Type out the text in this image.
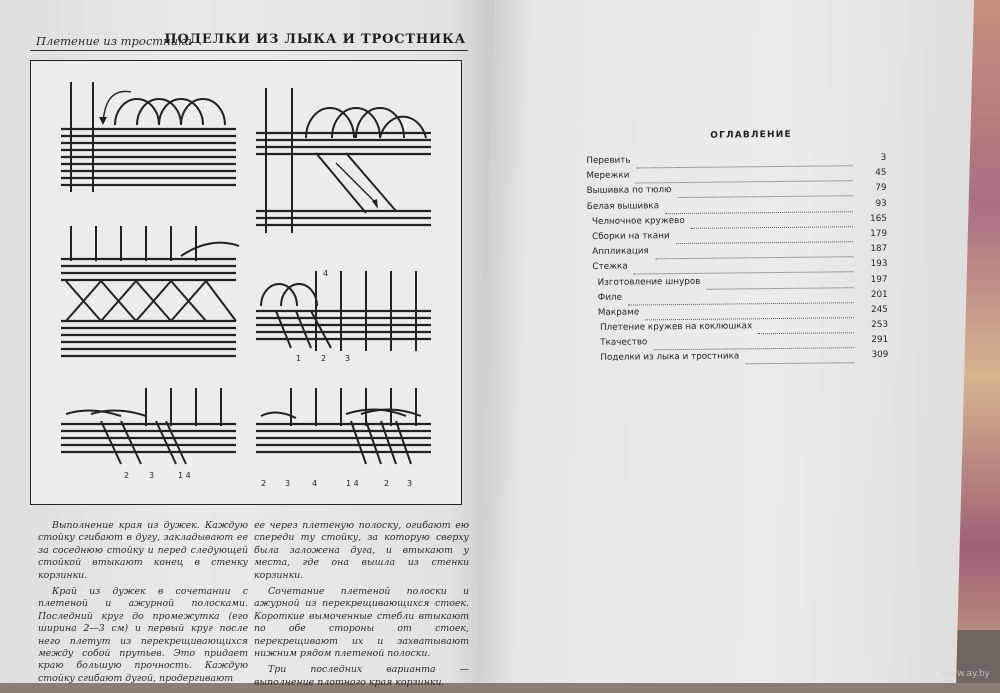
Плетение из тростника
ПОДЕЛКИ ИЗ ЛЫКА И ТРОСТНИКА
4
1 2 3
2 3	1 4
2 3	4	1 4	2 3

Выполнение края из дужек. Каждую стойку сгибают в дугу, закладывают ее за соседнюю стойку и перед следующей стойкой втыкают конец в стенку корзинки.

Край из дужек в сочетании с плетеной и ажурной полосками. Последний круг до промежутка (его ширина 2—3 см) и первый круг после него плетут из перекрещивающихся между собой прутьев. Это придает краю большую прочность. Каждую стойку сгибают дугой, продергивают

ее через плетеную полоску, огибают ею спереди ту стойку, за которую сверху была заложена дуга, и втыкают у места, где она вышла из стенки корзинки.

Сочетание плетеной полоски и ажурной из перекрещивающихся стоек. Короткие вымоченные стебли втыкают по обе стороны от стоек, перекрещивают их и захватывают нижним рядом плетеной полоски.

Три последних варианта — выполнение плотного края корзинки.

ОГЛАВЛЕНИЕ
Перевить	3
Мережки	45
Вышивка по тюлю	79
Белая вышивка	93
Челночное кружево	165
Сборки на ткани	179
Аппликация	187
Стежка	193
Изготовление шнуров	197
Филе	201
Макраме	245
Плетение кружев на коклюшках	253
Ткачество	291
Поделки из лыка и тростника	309
www.ay.by
